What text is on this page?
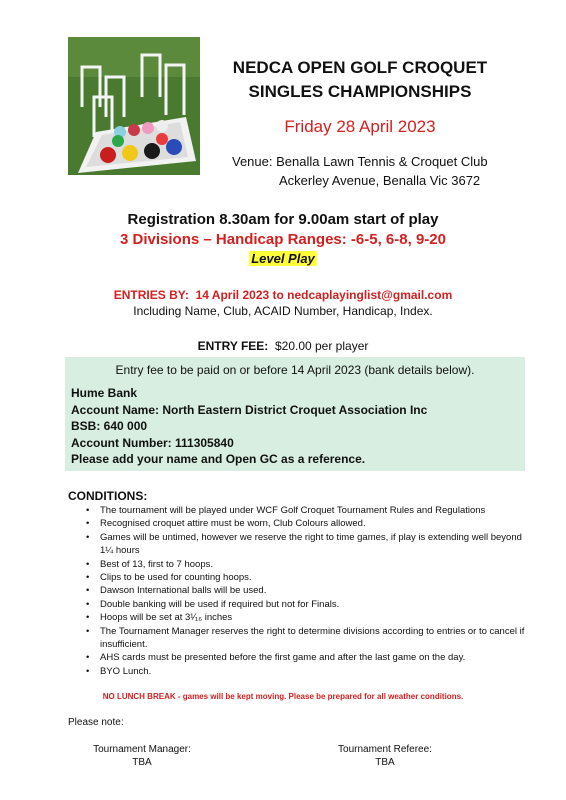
NEDCA OPEN GOLF CROQUET
SINGLES CHAMPIONSHIPS
Friday 28 April 2023
Venue: Benalla Lawn Tennis & Croquet Club
Ackerley Avenue, Benalla Vic 3672
Registration 8.30am for 9.00am start of play
3 Divisions – Handicap Ranges: -6-5, 6-8, 9-20
Level Play
ENTRIES BY: 14 April 2023 to nedcaplayinglist@gmail.com
Including Name, Club, ACAID Number, Handicap, Index.
ENTRY FEE: $20.00 per player
Entry fee to be paid on or before 14 April 2023 (bank details below).
Hume Bank
Account Name: North Eastern District Croquet Association Inc
BSB: 640 000
Account Number: 111305840
Please add your name and Open GC as a reference.
CONDITIONS:
• The tournament will be played under WCF Golf Croquet Tournament Rules and Regulations
• Recognised croquet attire must be worn, Club Colours allowed.
• Games will be untimed, however we reserve the right to time games, if play is extending well beyond 1¼ hours
• Best of 13, first to 7 hoops.
• Clips to be used for counting hoops.
• Dawson International balls will be used.
• Double banking will be used if required but not for Finals.
• Hoops will be set at 3¹⁄₁₆ inches
• The Tournament Manager reserves the right to determine divisions according to entries or to cancel if insufficient.
• AHS cards must be presented before the first game and after the last game on the day.
• BYO Lunch.
NO LUNCH BREAK - games will be kept moving. Please be prepared for all weather conditions.
Please note:
Tournament Manager:
TBA
Tournament Referee:
TBA
